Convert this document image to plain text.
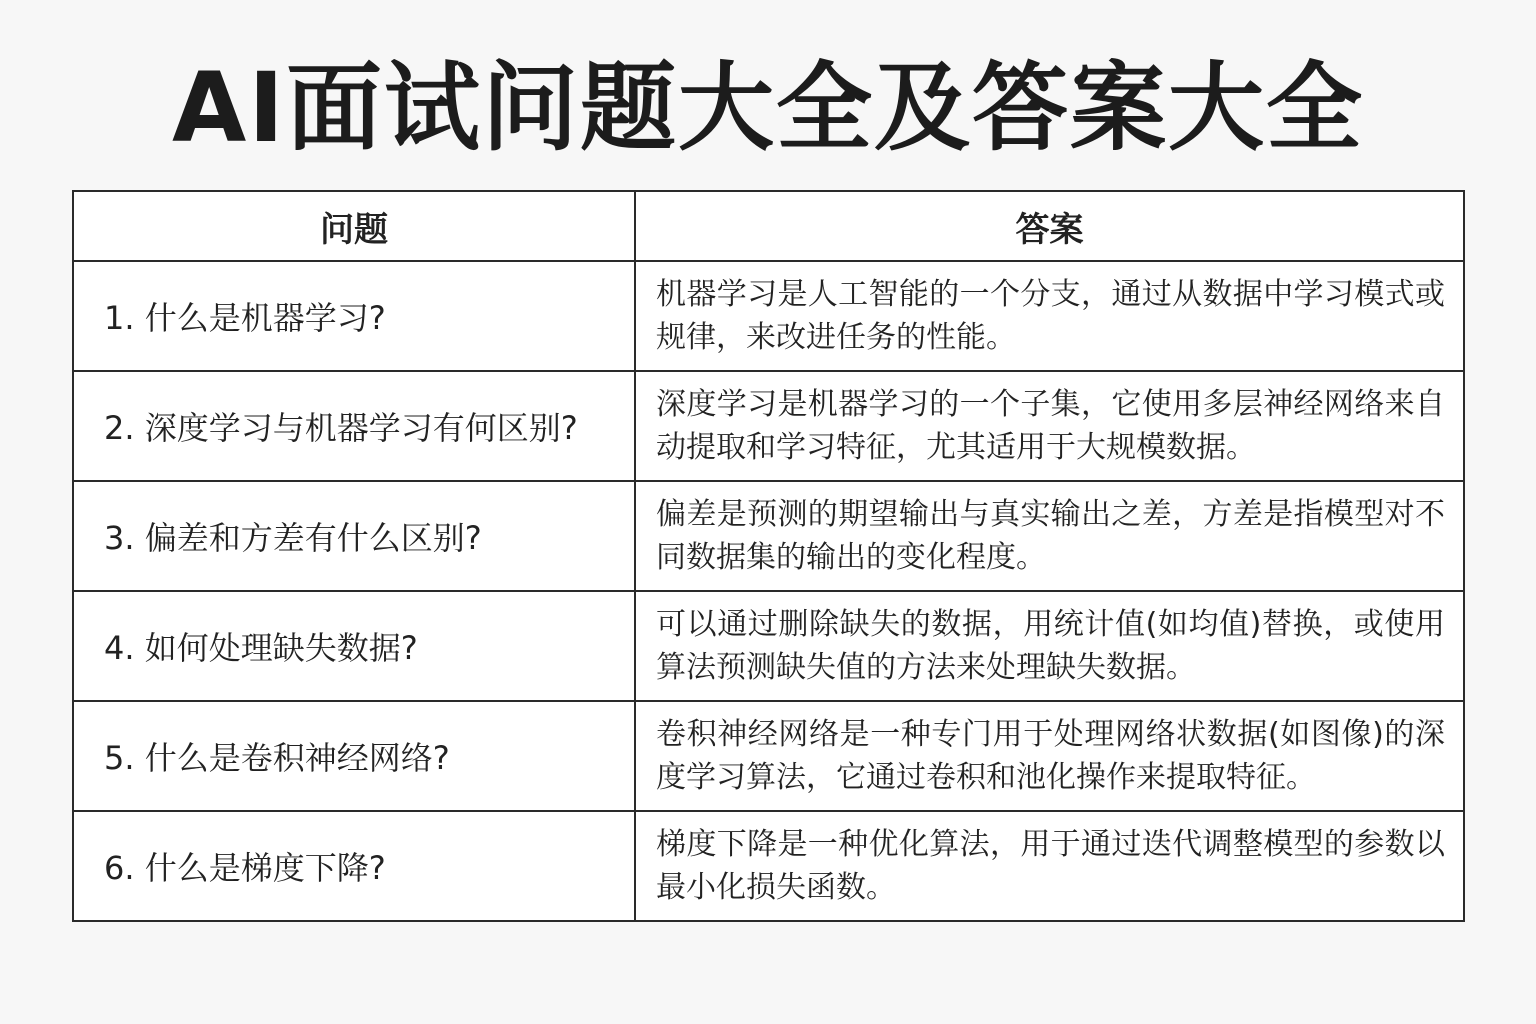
AI面试问题大全及答案大全
问题	答案
1. 什么是机器学习?	机器学习是人工智能的一个分支，通过从数据中学习模式或规律，来改进任务的性能。

2. 深度学习与机器学习有何区别?	深度学习是机器学习的一个子集，它使用多层神经网络来自动提取和学习特征，尤其适用于大规模数据。

3. 偏差和方差有什么区别?	偏差是预测的期望输出与真实输出之差，方差是指模型对不同数据集的输出的变化程度。

4. 如何处理缺失数据?	可以通过删除缺失的数据，用统计值(如均值)替换，或使用算法预测缺失值的方法来处理缺失数据。

5. 什么是卷积神经网络?	卷积神经网络是一种专门用于处理网络状数据(如图像)的深度学习算法，它通过卷积和池化操作来提取特征。

6. 什么是梯度下降?	梯度下降是一种优化算法，用于通过迭代调整模型的参数以最小化损失函数。
